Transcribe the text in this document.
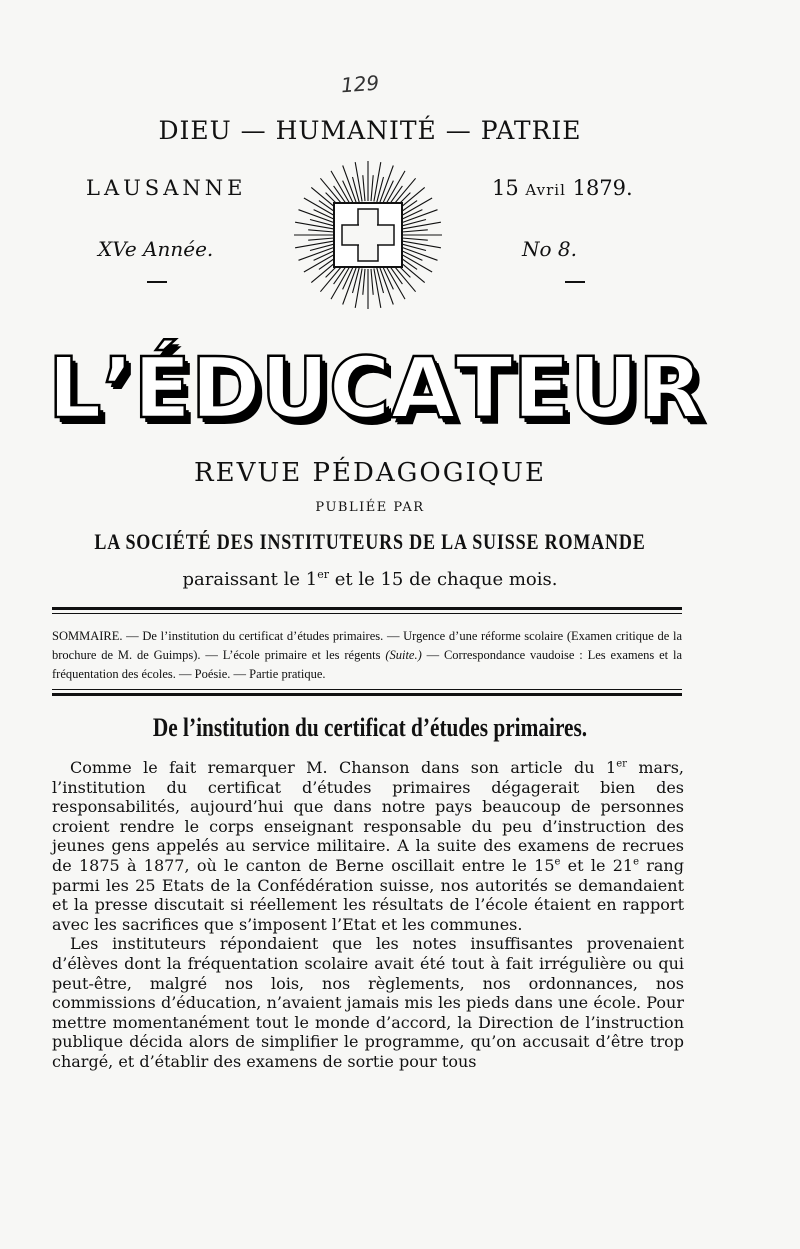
129
DIEU — HUMANITÉ — PATRIE
LAUSANNE	15 Avril 1879.
XVe Année.	No 8.
L ’ É D U C A T E U R
REVUE PÉDAGOGIQUE
PUBLIÉE PAR
LA SOCIÉTÉ DES INSTITUTEURS DE LA SUISSE ROMANDE
paraissant le 1er et le 15 de chaque mois.
SOMMAIRE. — De l’institution du certificat d’études primaires. — Urgence d’une réforme scolaire (Examen critique de la brochure de M. de Guimps). — L’école primaire et les régents (Suite.) — Correspondance vaudoise : Les examens et la fréquentation des écoles. — Poésie. — Partie pratique.
De l’institution du certificat d’études primaires.

Comme le fait remarquer M. Chanson dans son article du 1er mars, l’institution du certificat d’études primaires dégagerait bien des responsabilités, aujourd’hui que dans notre pays beaucoup de personnes croient rendre le corps enseignant responsable du peu d’instruction des jeunes gens appelés au service militaire. A la suite des examens de recrues de 1875 à 1877, où le canton de Berne oscillait entre le 15e et le 21e rang parmi les 25 Etats de la Confédération suisse, nos autorités se demandaient et la presse discutait si réellement les résultats de l’école étaient en rapport avec les sacrifices que s’imposent l’Etat et les communes.

Les instituteurs répondaient que les notes insuffisantes provenaient d’élèves dont la fréquentation scolaire avait été tout à fait irrégulière ou qui peut-être, malgré nos lois, nos règlements, nos ordonnances, nos commissions d’éducation, n’avaient jamais mis les pieds dans une école. Pour mettre momentanément tout le monde d’accord, la Direction de l’instruction publique décida alors de simplifier le programme, qu’on accusait d’être trop chargé, et d’établir des examens de sortie pour tous
